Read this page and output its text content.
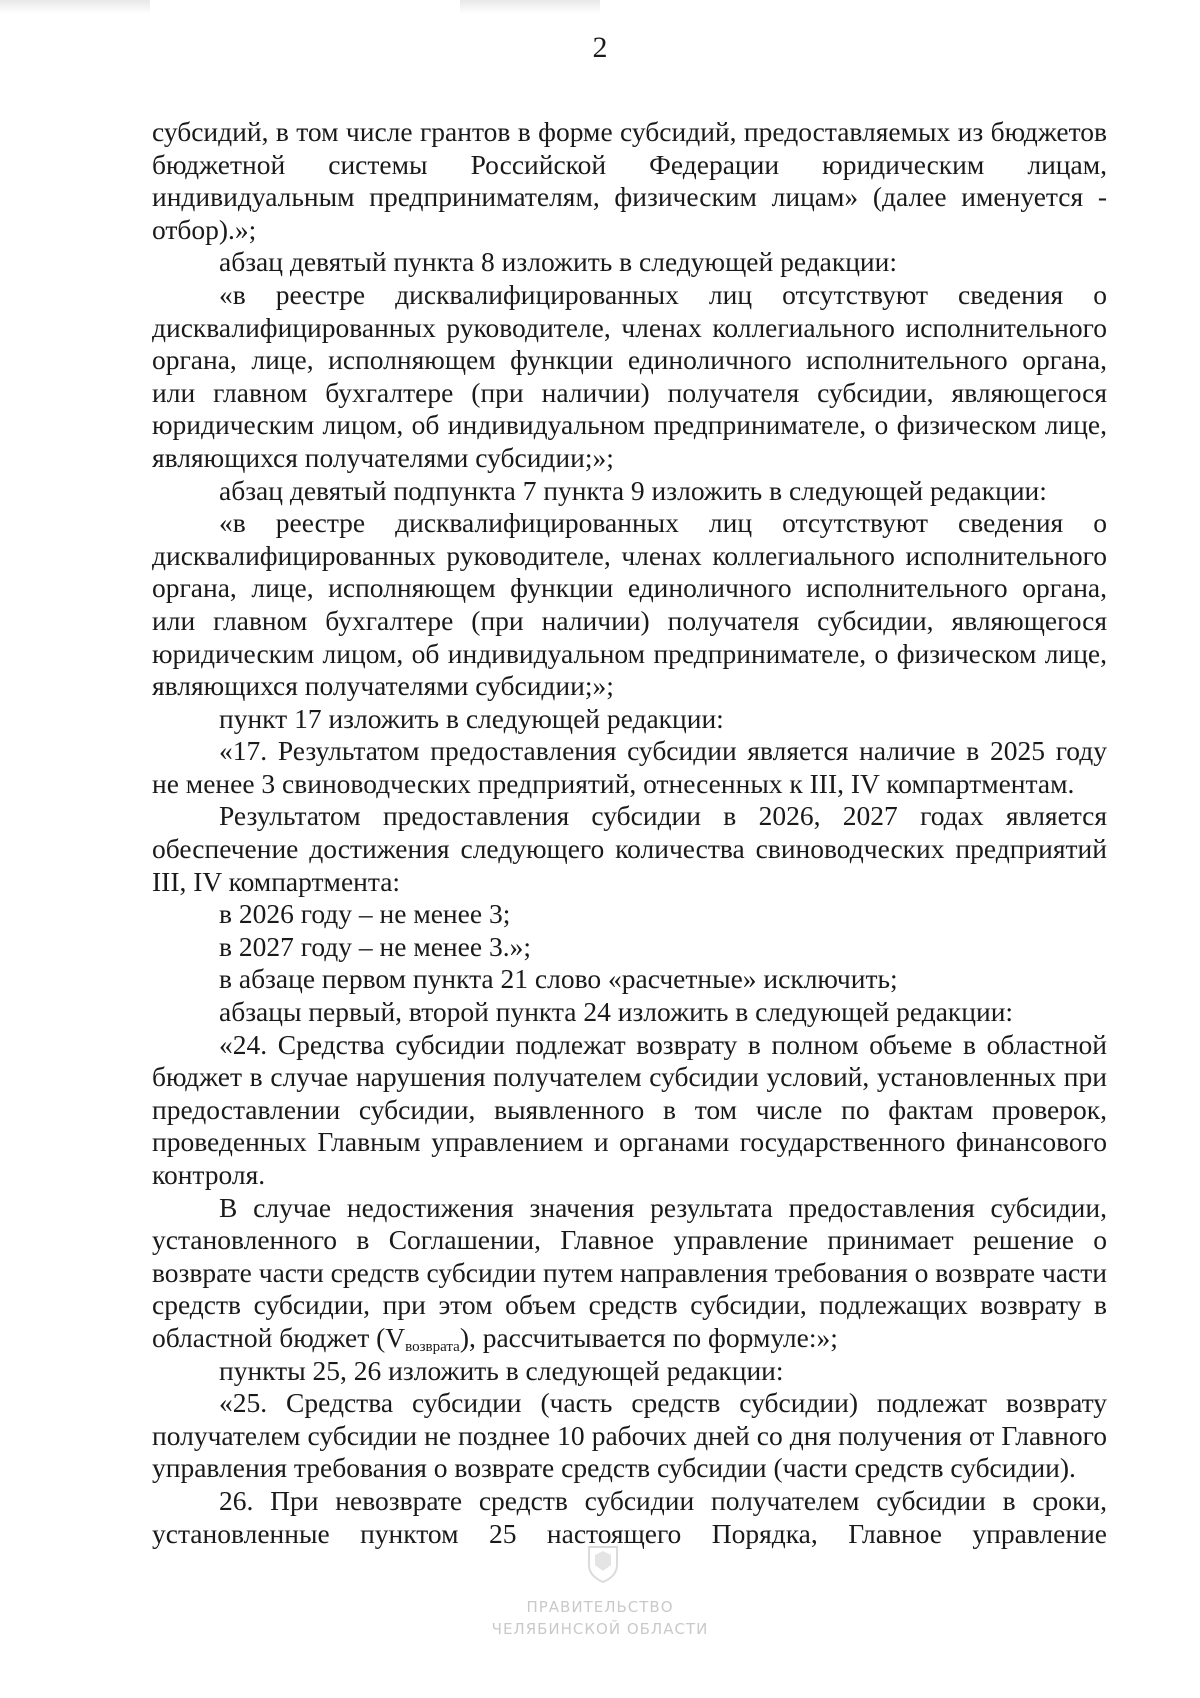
2

субсидий, в том числе грантов в форме субсидий, предоставляемых из бюджетов бюджетной системы Российской Федерации юридическим лицам, индивидуальным предпринимателям, физическим лицам» (далее именуется - отбор).»;

абзац девятый пункта 8 изложить в следующей редакции:

«в реестре дисквалифицированных лиц отсутствуют сведения о дисквалифицированных руководителе, членах коллегиального исполнительного органа, лице, исполняющем функции единоличного исполнительного органа, или главном бухгалтере (при наличии) получателя субсидии, являющегося юридическим лицом, об индивидуальном предпринимателе, о физическом лице, являющихся получателями субсидии;»;

абзац девятый подпункта 7 пункта 9 изложить в следующей редакции:

«в реестре дисквалифицированных лиц отсутствуют сведения о дисквалифицированных руководителе, членах коллегиального исполнительного органа, лице, исполняющем функции единоличного исполнительного органа, или главном бухгалтере (при наличии) получателя субсидии, являющегося юридическим лицом, об индивидуальном предпринимателе, о физическом лице, являющихся получателями субсидии;»;

пункт 17 изложить в следующей редакции:

«17. Результатом предоставления субсидии является наличие в 2025 году не менее 3 свиноводческих предприятий, отнесенных к III, IV компартментам.

Результатом предоставления субсидии в 2026, 2027 годах является обеспечение достижения следующего количества свиноводческих предприятий III, IV компартмента:

в 2026 году – не менее 3;

в 2027 году – не менее 3.»;

в абзаце первом пункта 21 слово «расчетные» исключить;

абзацы первый, второй пункта 24 изложить в следующей редакции:

«24. Средства субсидии подлежат возврату в полном объеме в областной бюджет в случае нарушения получателем субсидии условий, установленных при предоставлении субсидии, выявленного в том числе по фактам проверок, проведенных Главным управлением и органами государственного финансового контроля.

В случае недостижения значения результата предоставления субсидии, установленного в Соглашении, Главное управление принимает решение о возврате части средств субсидии путем направления требования о возврате части средств субсидии, при этом объем средств субсидии, подлежащих возврату в областной бюджет $(V_{возврата})$, рассчитывается по формуле:»;

пункты 25, 26 изложить в следующей редакции:

«25. Средства субсидии (часть средств субсидии) подлежат возврату получателем субсидии не позднее 10 рабочих дней со дня получения от Главного управления требования о возврате средств субсидии (части средств субсидии).

26. При невозврате средств субсидии получателем субсидии в сроки, установленные пунктом 25 настоящего Порядка, Главное управление

ПРАВИТЕЛЬСТВО
ЧЕЛЯБИНСКОЙ ОБЛАСТИ
